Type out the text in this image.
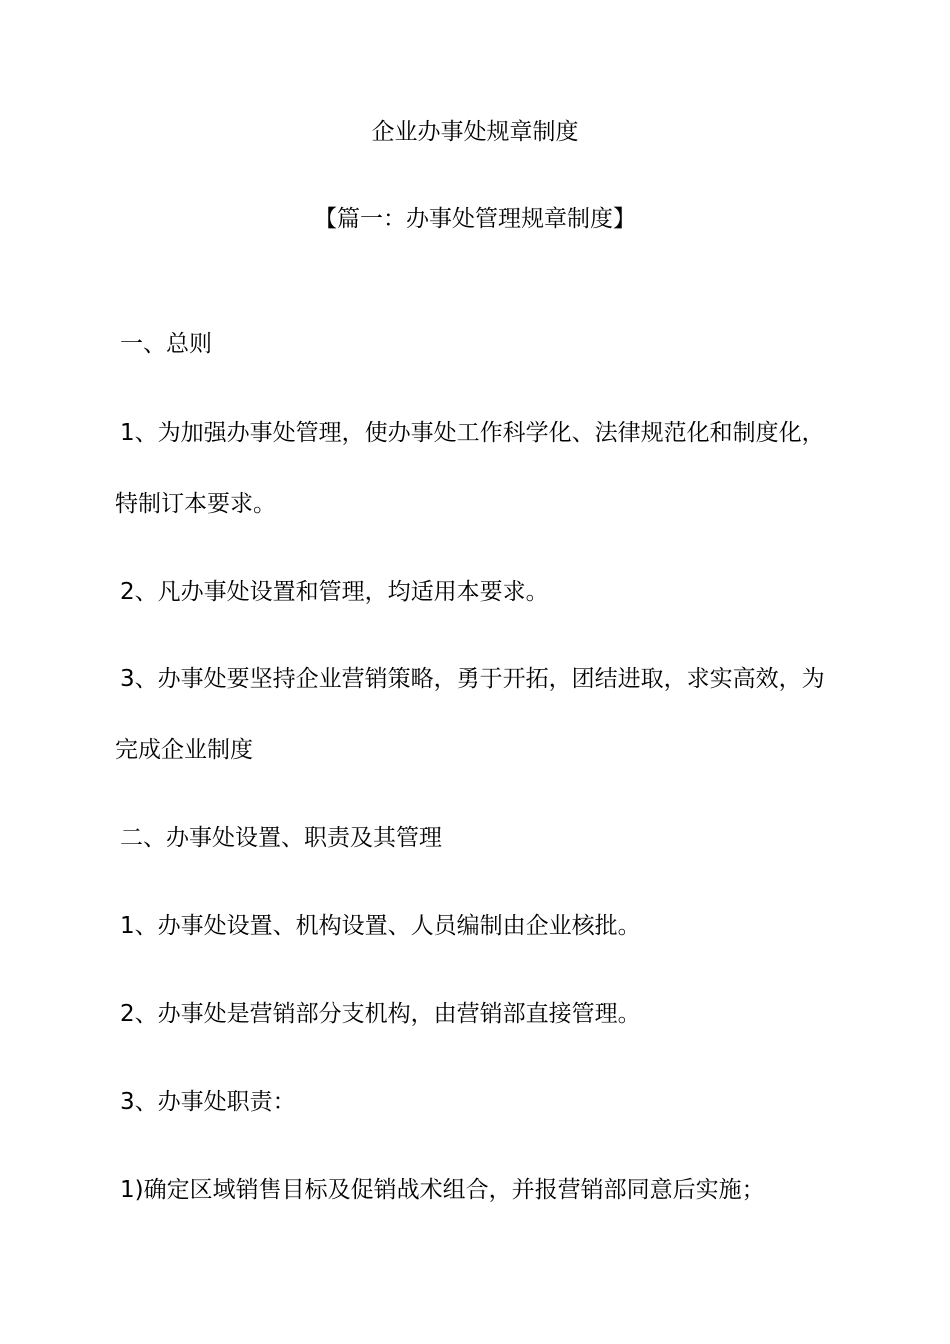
企业办事处规章制度

【篇一：办事处管理规章制度】

一、总则

1、为加强办事处管理，使办事处工作科学化、法律规范化和制度化，

特制订本要求。

2、凡办事处设置和管理，均适用本要求。

3、办事处要坚持企业营销策略，勇于开拓，团结进取，求实高效，为

完成企业制度

二、办事处设置、职责及其管理

1、办事处设置、机构设置、人员编制由企业核批。

2、办事处是营销部分支机构，由营销部直接管理。

3、办事处职责：

1)确定区域销售目标及促销战术组合，并报营销部同意后实施；
